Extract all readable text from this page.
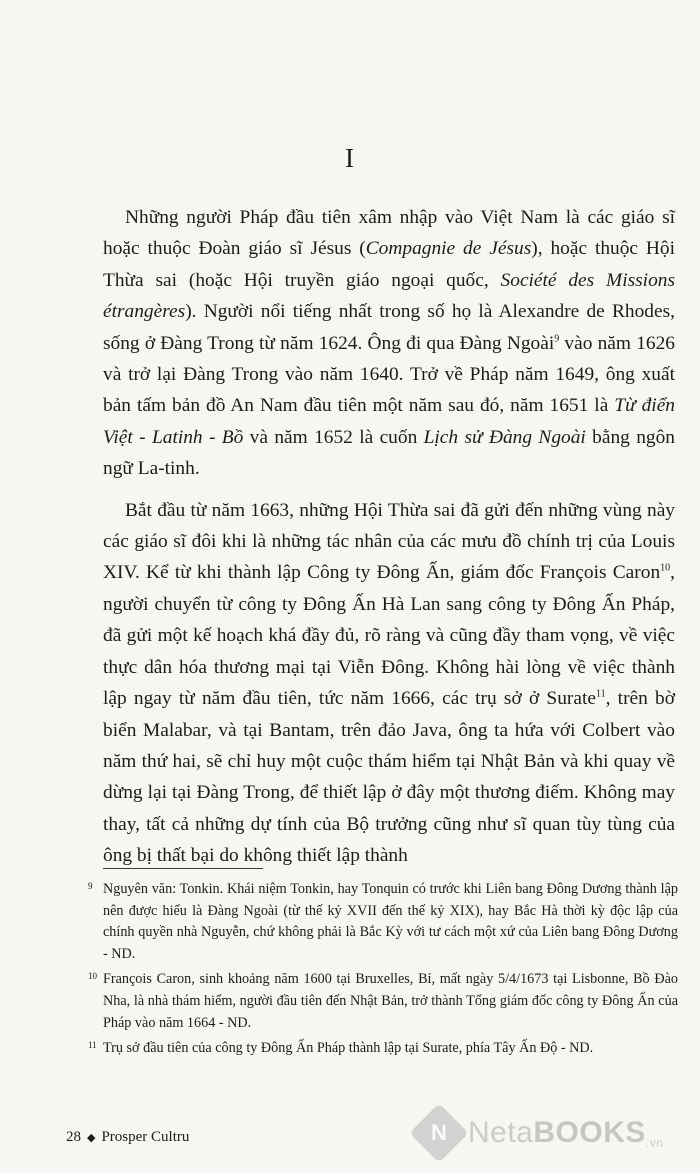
I

Những người Pháp đầu tiên xâm nhập vào Việt Nam là các giáo sĩ hoặc thuộc Đoàn giáo sĩ Jésus (Compagnie de Jésus), hoặc thuộc Hội Thừa sai (hoặc Hội truyền giáo ngoại quốc, Société des Missions étrangères). Người nổi tiếng nhất trong số họ là Alexandre de Rhodes, sống ở Đàng Trong từ năm 1624. Ông đi qua Đàng Ngoài$^9$ vào năm 1626 và trở lại Đàng Trong vào năm 1640. Trở về Pháp năm 1649, ông xuất bản tấm bản đồ An Nam đầu tiên một năm sau đó, năm 1651 là Từ điển Việt - Latinh - Bồ và năm 1652 là cuốn Lịch sử Đàng Ngoài bằng ngôn ngữ La-tinh.

Bắt đầu từ năm 1663, những Hội Thừa sai đã gửi đến những vùng này các giáo sĩ đôi khi là những tác nhân của các mưu đồ chính trị của Louis XIV. Kể từ khi thành lập Công ty Đông Ấn, giám đốc François Caron$^{10}$, người chuyển từ công ty Đông Ấn Hà Lan sang công ty Đông Ấn Pháp, đã gửi một kế hoạch khá đầy đủ, rõ ràng và cũng đầy tham vọng, về việc thực dân hóa thương mại tại Viễn Đông. Không hài lòng về việc thành lập ngay từ năm đầu tiên, tức năm 1666, các trụ sở ở Surate$^{11}$, trên bờ biển Malabar, và tại Bantam, trên đảo Java, ông ta hứa với Colbert vào năm thứ hai, sẽ chỉ huy một cuộc thám hiểm tại Nhật Bản và khi quay về dừng lại tại Đàng Trong, để thiết lập ở đây một thương điếm. Không may thay, tất cả những dự tính của Bộ trưởng cũng như sĩ quan tùy tùng của ông bị thất bại do không thiết lập thành

9 Nguyên văn: Tonkin. Khái niệm Tonkin, hay Tonquin có trước khi Liên bang Đông Dương thành lập nên được hiểu là Đàng Ngoài (từ thế kỷ XVII đến thế kỷ XIX), hay Bắc Hà thời kỳ độc lập của chính quyền nhà Nguyễn, chứ không phải là Bắc Kỳ với tư cách một xứ của Liên bang Đông Dương - ND.
10 François Caron, sinh khoảng năm 1600 tại Bruxelles, Bỉ, mất ngày 5/4/1673 tại Lisbonne, Bồ Đào Nha, là nhà thám hiểm, người đầu tiên đến Nhật Bản, trở thành Tổng giám đốc công ty Đông Ấn của Pháp vào năm 1664 - ND.
11 Trụ sở đầu tiên của công ty Đông Ấn Pháp thành lập tại Surate, phía Tây Ấn Độ - ND.
28 ◆ Prosper Cultru	N NetaBOOKS.vn
